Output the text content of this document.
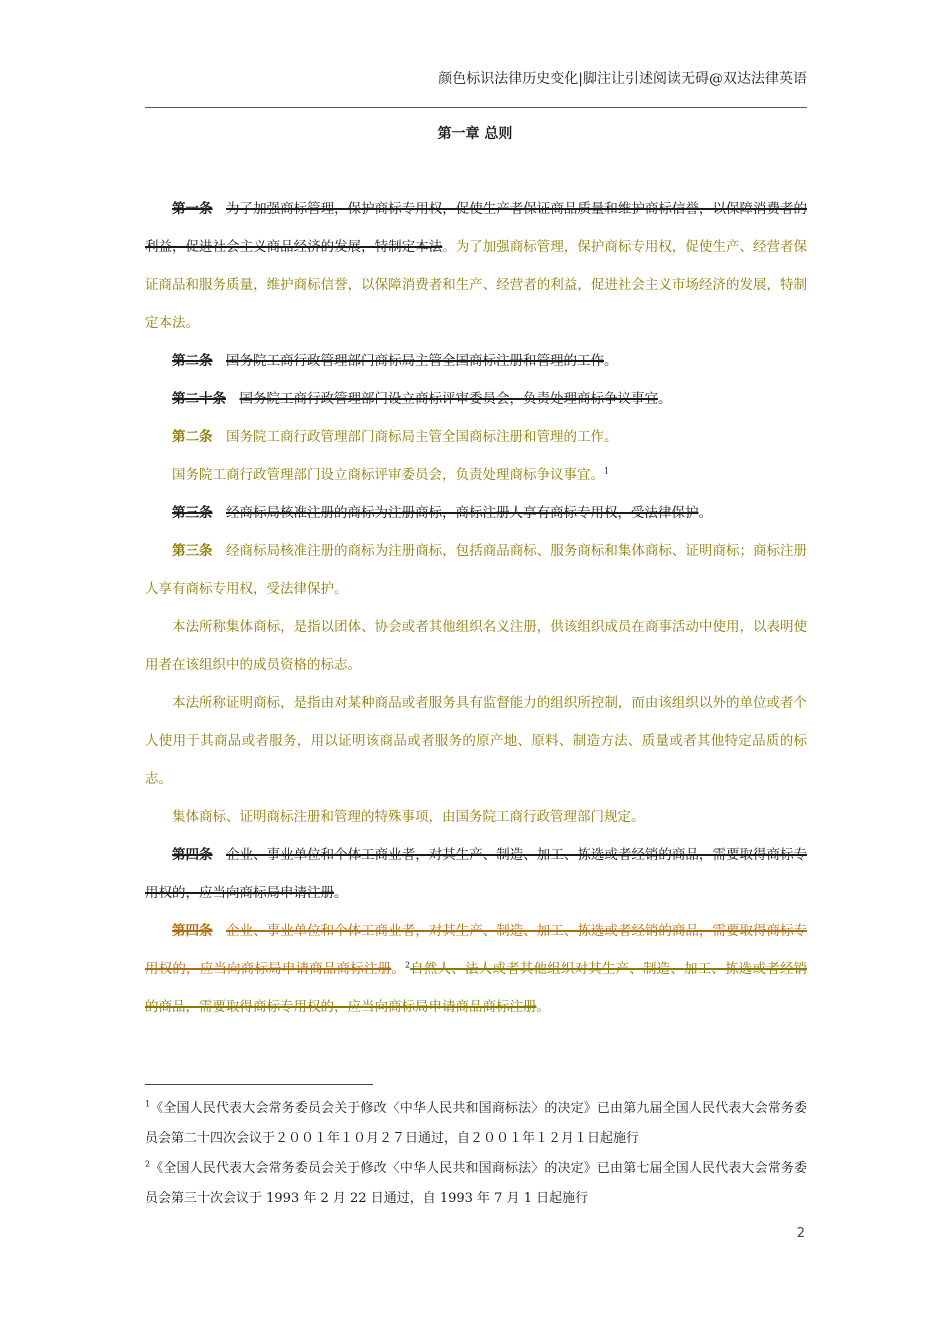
颜色标识法律历史变化|脚注让引述阅读无碍@双达法律英语
第一章 总则

第一条 为了加强商标管理，保护商标专用权，促使生产者保证商品质量和维护商标信誉，以保障消费者的利益，促进社会主义商品经济的发展，特制定本法。为了加强商标管理，保护商标专用权，促使生产、经营者保证商品和服务质量，维护商标信誉，以保障消费者和生产、经营者的利益，促进社会主义市场经济的发展，特制定本法。

第二条 国务院工商行政管理部门商标局主管全国商标注册和管理的工作。

第二十条 国务院工商行政管理部门设立商标评审委员会，负责处理商标争议事宜。

第二条 国务院工商行政管理部门商标局主管全国商标注册和管理的工作。

国务院工商行政管理部门设立商标评审委员会，负责处理商标争议事宜。$^1$

第三条 经商标局核准注册的商标为注册商标，商标注册人享有商标专用权，受法律保护。

第三条 经商标局核准注册的商标为注册商标，包括商品商标、服务商标和集体商标、证明商标；商标注册人享有商标专用权，受法律保护。

本法所称集体商标，是指以团体、协会或者其他组织名义注册，供该组织成员在商事活动中使用，以表明使用者在该组织中的成员资格的标志。

本法所称证明商标，是指由对某种商品或者服务具有监督能力的组织所控制，而由该组织以外的单位或者个人使用于其商品或者服务，用以证明该商品或者服务的原产地、原料、制造方法、质量或者其他特定品质的标志。

集体商标、证明商标注册和管理的特殊事项，由国务院工商行政管理部门规定。

第四条 企业、事业单位和个体工商业者，对其生产、制造、加工、拣选或者经销的商品，需要取得商标专用权的，应当向商标局申请注册。

第四条 企业、事业单位和个体工商业者，对其生产、制造、加工、拣选或者经销的商品，需要取得商标专用权的，应当向商标局申请商品商标注册。$^2$自然人、法人或者其他组织对其生产、制造、加工、拣选或者经销的商品，需要取得商标专用权的，应当向商标局申请商品商标注册。

$^1$《全国人民代表大会常务委员会关于修改〈中华人民共和国商标法〉的决定》已由第九届全国人民代表大会常务委员会第二十四次会议于２００１年１０月２７日通过，自２００１年１２月１日起施行

$^2$《全国人民代表大会常务委员会关于修改〈中华人民共和国商标法〉的决定》已由第七届全国人民代表大会常务委员会第三十次会议于 1993 年 2 月 22 日通过，自 1993 年 7 月 1 日起施行

2
